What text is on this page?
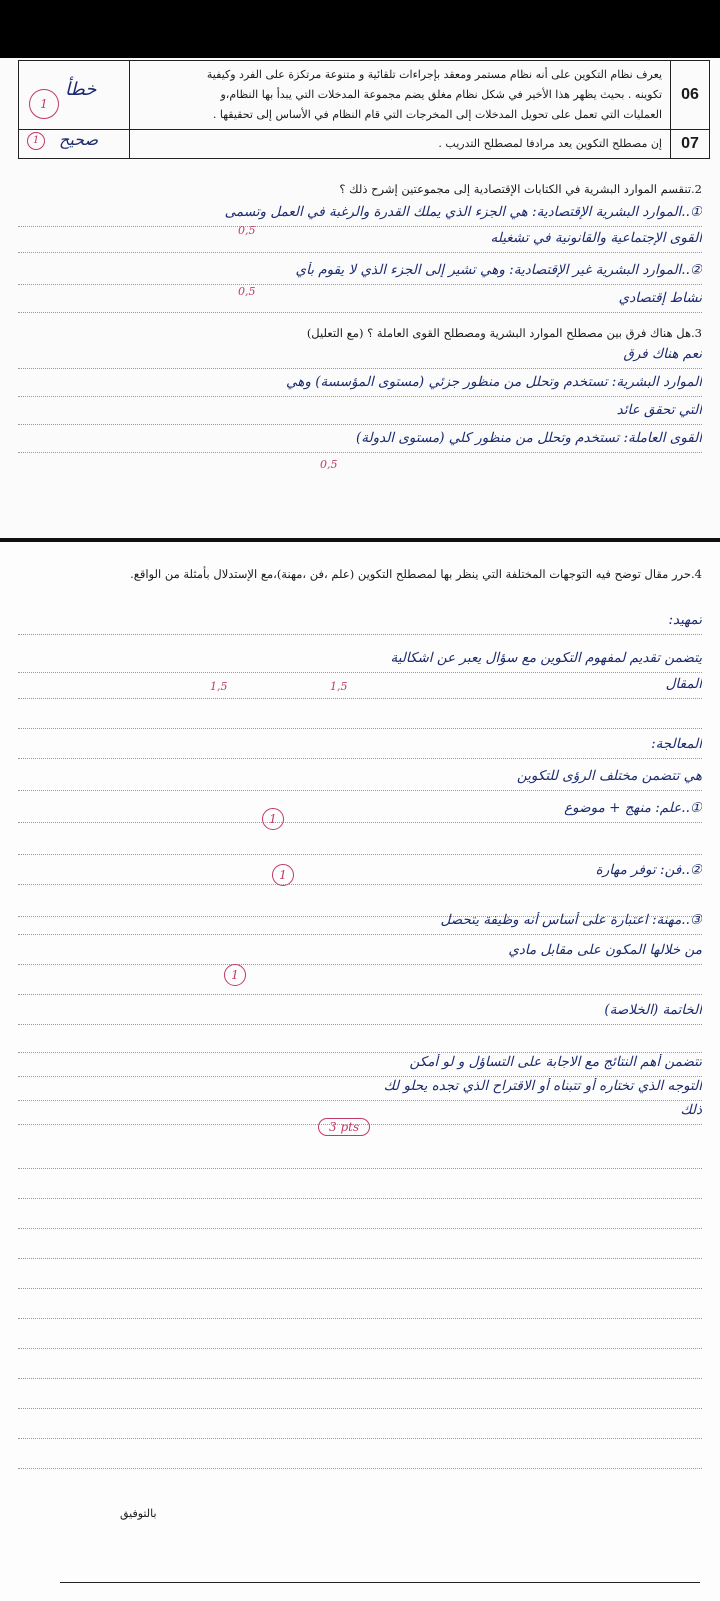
06
يعرف نظام التكوين على أنه نظام مستمر ومعقد بإجراءات تلقائية و متنوعة مرتكزة على الفرد وكيفية
تكوينه . بحيث يظهر هذا الأخير في شكل نظام مغلق يضم مجموعة المدخلات التي يبدأ بها النظام،و
العمليات التي تعمل على تحويل المدخلات إلى المخرجات التي قام النظام في الأساس إلى تحقيقها .
خطأ
1
07
إن مصطلح التكوين يعد مرادفا لمصطلح التدريب .
صحيح
1
2.تنقسم الموارد البشرية في الكتابات الإقتصادية إلى مجموعتين إشرح ذلك ؟
①..الموارد البشرية الإقتصادية: هي الجزء الذي يملك القدرة والرغبة في العمل وتسمى
القوى الإجتماعية والقانونية في تشغيله
②..الموارد البشرية غير الإقتصادية: وهي تشير إلى الجزء الذي لا يقوم بأي
نشاط إقتصادي
0,5
0,5
3.هل هناك فرق بين مصطلح الموارد البشرية ومصطلح القوى العاملة ؟ (مع التعليل)
نعم هناك فرق
الموارد البشرية: تستخدم وتحلل من منظور جزئي (مستوى المؤسسة) وهي
التي تحقق عائد
القوى العاملة: تستخدم وتحلل من منظور كلي (مستوى الدولة)
0,5
4.حرر مقال توضح فيه التوجهات المختلفة التي ينظر بها لمصطلح التكوين (علم ،فن ،مهنة)،مع الإستدلال بأمثلة من الواقع.
تمهيد:
يتضمن تقديم لمفهوم التكوين مع سؤال يعبر عن اشكالية
المقال
المعالجة:
هي تتضمن مختلف الرؤى للتكوين
①..علم: منهج + موضوع
②..فن: توفر مهارة
③..مهنة: اعتبارة على أساس أنه وظيفة يتحصل
من خلالها المكون على مقابل مادي
الخاتمة (الخلاصة)
تتضمن أهم النتائج مع الاجابة على التساؤل و لو أمكن
التوجه الذي تختاره أو تتبناه أو الاقتراح الذي تجده يحلو لك
ذلك
1,5	1,5
1
1
1
3 pts
بالتوفيق
